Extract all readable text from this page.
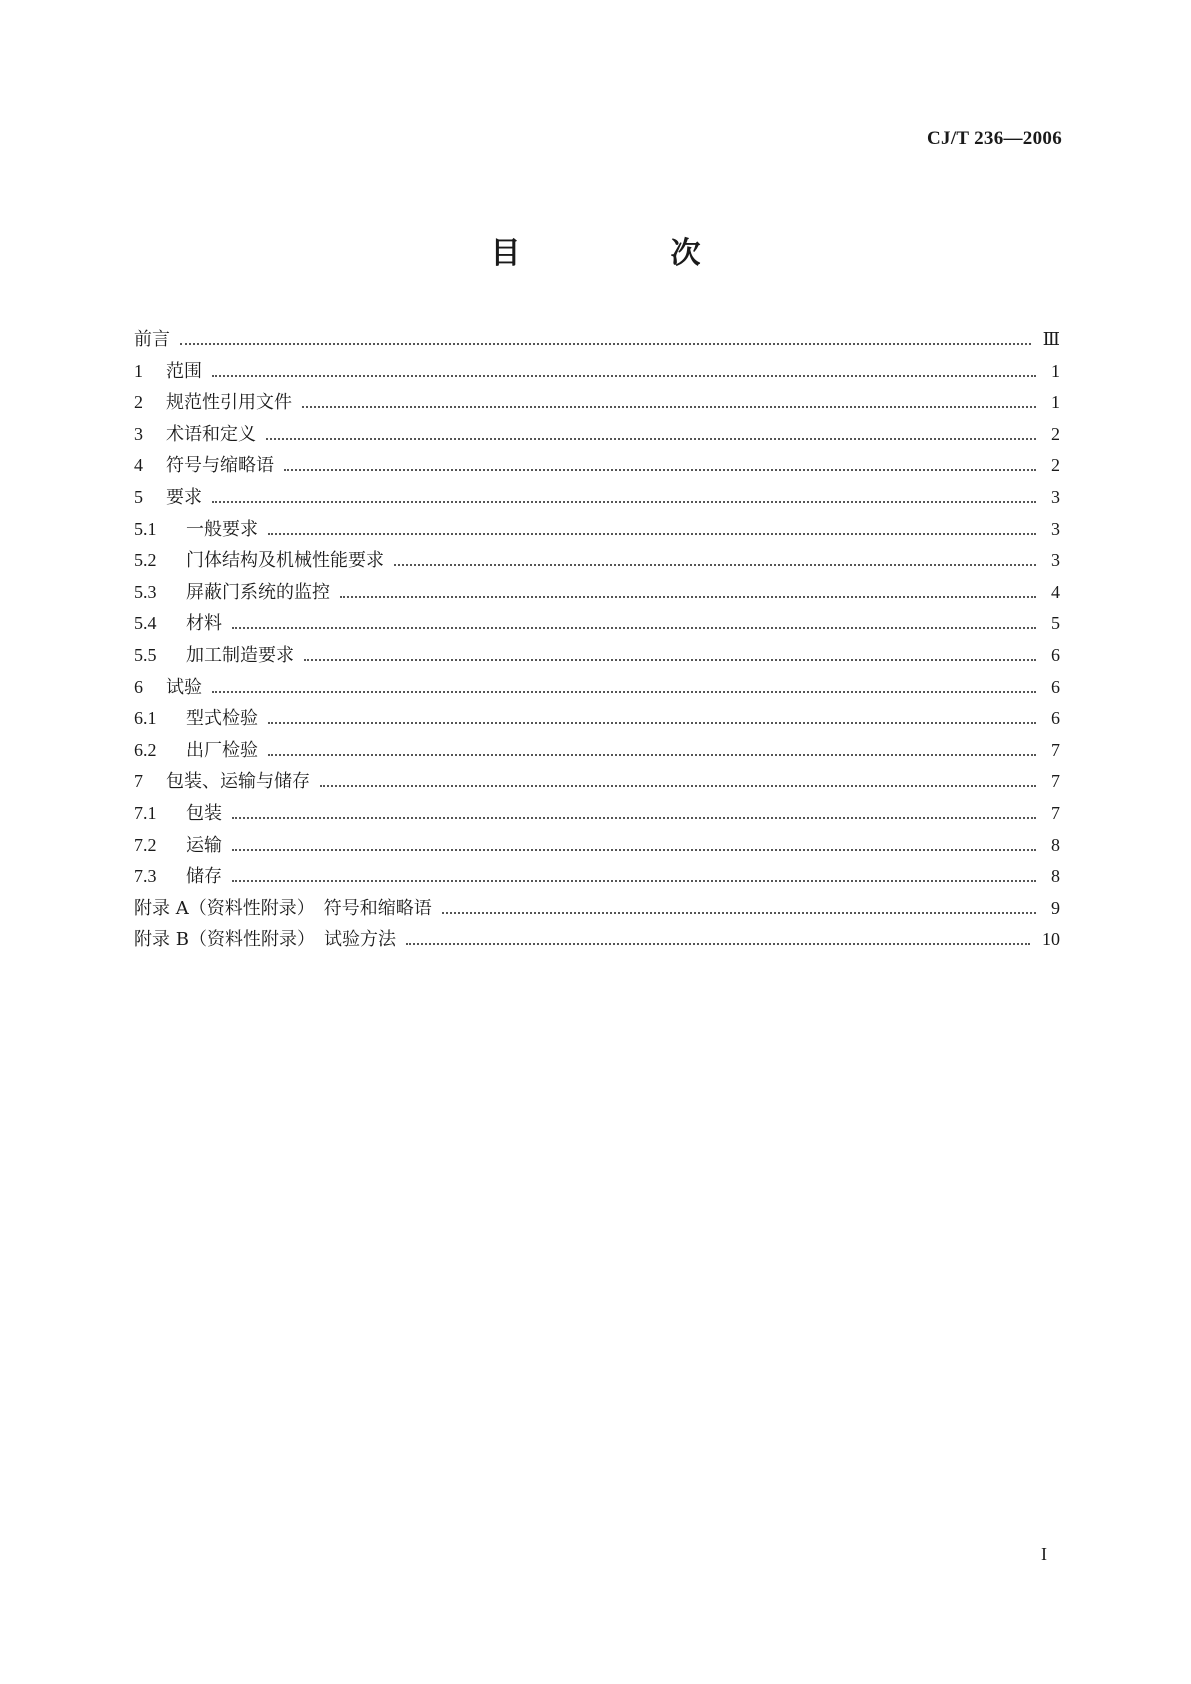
CJ/T 236—2006
目　次
前言	Ⅲ
1 范围	1
2 规范性引用文件	1
3 术语和定义	2
4 符号与缩略语	2
5 要求	3
5.1 一般要求	3
5.2 门体结构及机械性能要求	3
5.3 屏蔽门系统的监控	4
5.4 材料	5
5.5 加工制造要求	6
6 试验	6
6.1 型式检验	6
6.2 出厂检验	7
7 包装、运输与储存	7
7.1 包装	7
7.2 运输	8
7.3 储存	8
附录 A（资料性附录）　符号和缩略语	9
附录 B（资料性附录）　试验方法	10
I
